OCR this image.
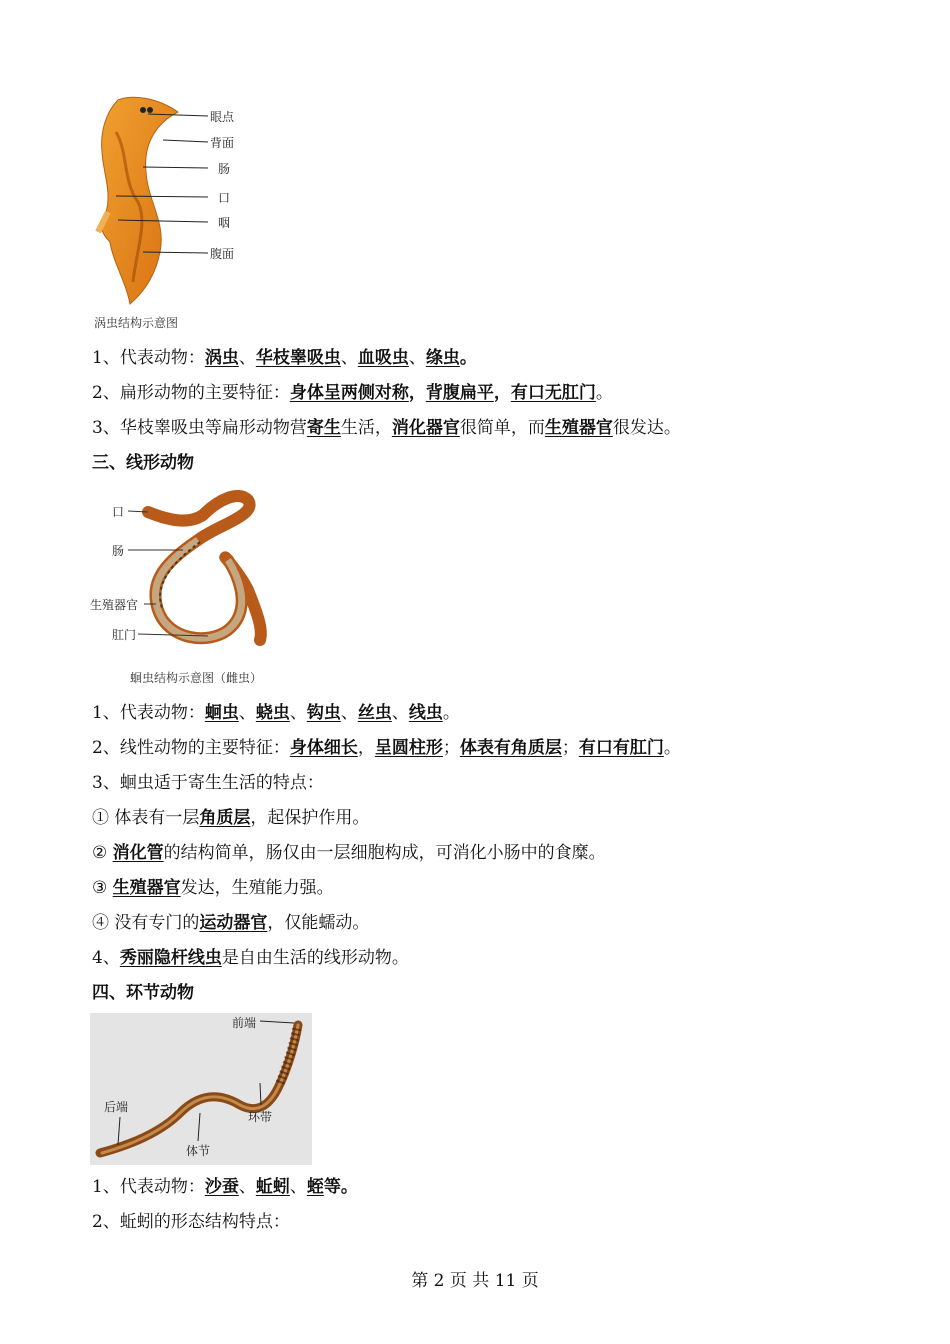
眼点
背面
肠
口
咽
腹面
涡虫结构示意图
1、代表动物：涡虫、华枝睾吸虫、血吸虫、绦虫。
2、扁形动物的主要特征：身体呈两侧对称，背腹扁平，有口无肛门。
3、华枝睾吸虫等扁形动物营寄生生活，消化器官很简单，而生殖器官很发达。
三、线形动物
口
肠
生殖器官
肛门
蛔虫结构示意图（雌虫）
1、代表动物：蛔虫、蛲虫、钩虫、丝虫、线虫。
2、线性动物的主要特征：身体细长，呈圆柱形；体表有角质层；有口有肛门。
3、蛔虫适于寄生生活的特点：
① 体表有一层角质层，起保护作用。
② 消化管的结构简单，肠仅由一层细胞构成，可消化小肠中的食糜。
③ 生殖器官发达，生殖能力强。
④ 没有专门的运动器官，仅能蠕动。
4、秀丽隐杆线虫是自由生活的线形动物。
四、环节动物
前端
后端
环带
体节
1、代表动物：沙蚕、蚯蚓、蛭等。
2、蚯蚓的形态结构特点：
第 2 页 共 11 页
